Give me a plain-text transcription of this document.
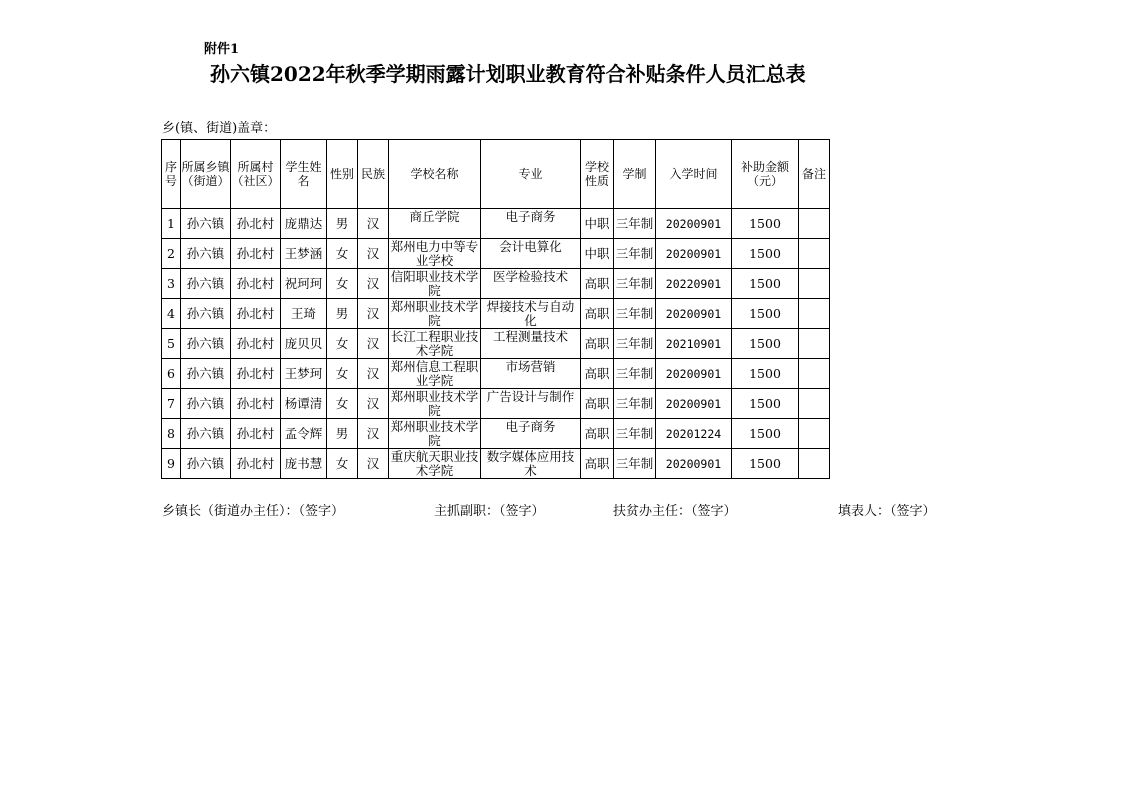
附件1
孙六镇2022年秋季学期雨露计划职业教育符合补贴条件人员汇总表
乡(镇、街道)盖章：
序号	所属乡镇（街道）	所属村（社区）	学生姓名	性别	民族	学校名称	专业	学校性质	学制	入学时间	补助金额（元）	备注
1	孙六镇	孙北村	庞鼎达	男	汉	商丘学院	电子商务	中职	三年制	20200901	1500	
2	孙六镇	孙北村	王梦涵	女	汉	郑州电力中等专业学校	会计电算化	中职	三年制	20200901	1500	
3	孙六镇	孙北村	祝珂珂	女	汉	信阳职业技术学院	医学检验技术	高职	三年制	20220901	1500	
4	孙六镇	孙北村	王琦	男	汉	郑州职业技术学院	焊接技术与自动化	高职	三年制	20200901	1500	
5	孙六镇	孙北村	庞贝贝	女	汉	长江工程职业技术学院	工程测量技术	高职	三年制	20210901	1500	
6	孙六镇	孙北村	王梦珂	女	汉	郑州信息工程职业学院	市场营销	高职	三年制	20200901	1500	
7	孙六镇	孙北村	杨谭清	女	汉	郑州职业技术学院	广告设计与制作	高职	三年制	20200901	1500	
8	孙六镇	孙北村	孟令辉	男	汉	郑州职业技术学院	电子商务	高职	三年制	20201224	1500	
9	孙六镇	孙北村	庞书慧	女	汉	重庆航天职业技术学院	数字媒体应用技术	高职	三年制	20200901	1500	
乡镇长（街道办主任）：（签字）	主抓副职：（签字）	扶贫办主任：（签字）	填表人：（签字）
